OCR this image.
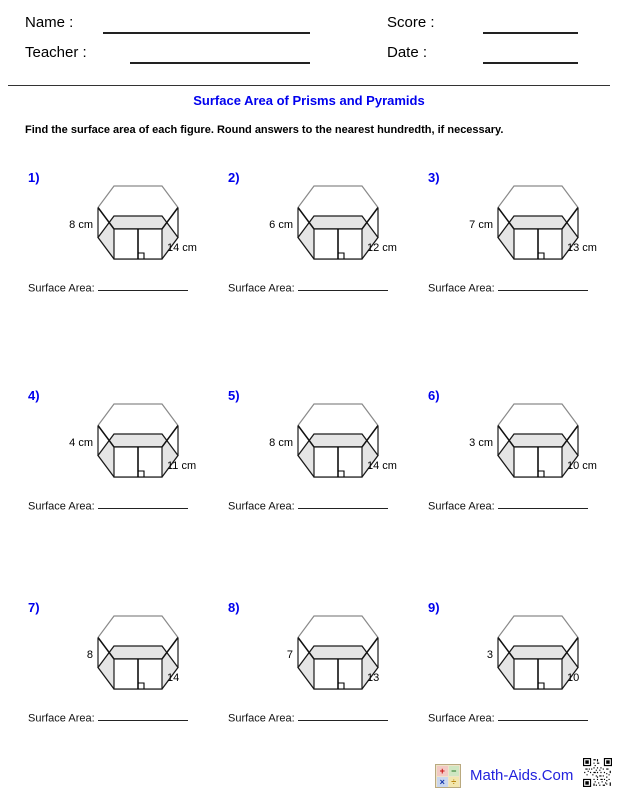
Name :	Score :
Teacher :	Date :
Surface Area of Prisms and Pyramids
Find the surface area of each figure. Round answers to the nearest hundredth, if necessary.
1)
8 cm
14 cm
Surface Area:
2)
6 cm
12 cm
Surface Area:
3)
7 cm
13 cm
Surface Area:
4)
4 cm
11 cm
Surface Area:
5)
8 cm
14 cm
Surface Area:
6)
3 cm
10 cm
Surface Area:
7)
8
14
Surface Area:
8)
7
13
Surface Area:
9)
3
10
Surface Area:
+ −
× ÷ Math-Aids.Com
